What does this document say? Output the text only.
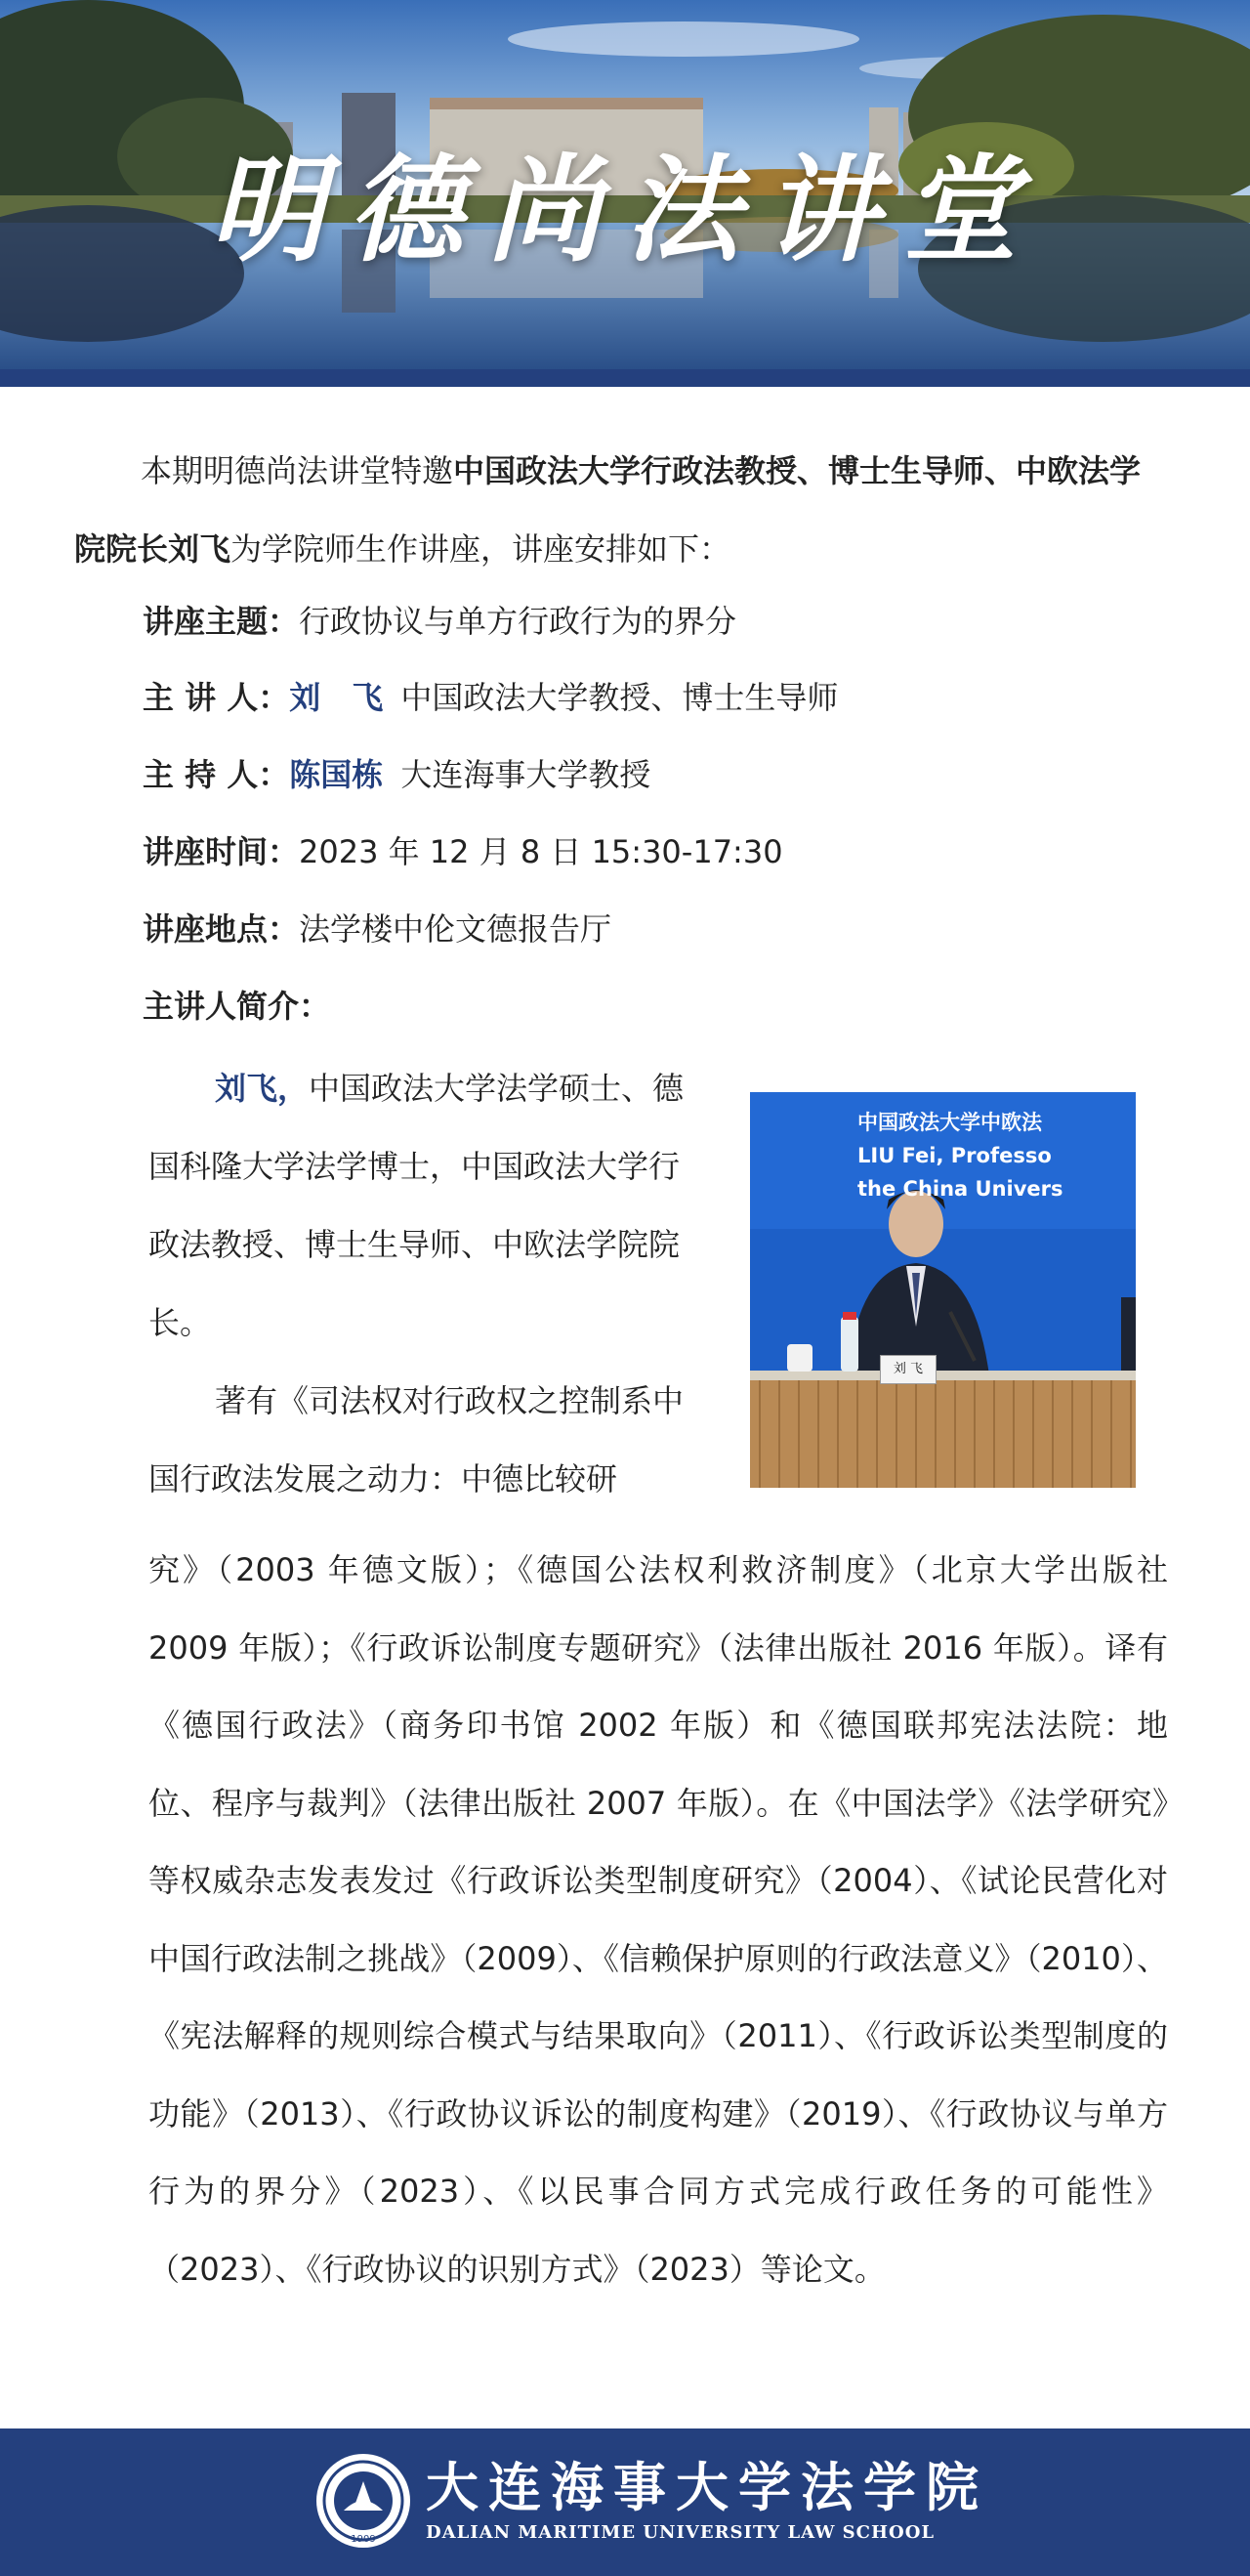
明德尚法讲堂

本期明德尚法讲堂特邀中国政法大学行政法教授、博士生导师、中欧法学院院长刘飞为学院师生作讲座，讲座安排如下：

讲座主题：行政协议与单方行政行为的界分
主 讲 人：刘　飞 中国政法大学教授、博士生导师
主 持 人：陈国栋 大连海事大学教授
讲座时间：2023 年 12 月 8 日 15:30-17:30
讲座地点：法学楼中伦文德报告厅
主讲人简介：

刘飞，中国政法大学法学硕士、德国科隆大学法学博士，中国政法大学行政法教授、博士生导师、中欧法学院院长。

著有《司法权对行政权之控制系中国行政法发展之动力：中德比较研

究》（2003 年德文版）；《德国公法权利救济制度》（北京大学出版社 2009 年版）；《行政诉讼制度专题研究》（法律出版社 2016 年版）。译有《德国行政法》（商务印书馆 2002 年版）和《德国联邦宪法法院：地位、程序与裁判》（法律出版社 2007 年版）。在《中国法学》《法学研究》等权威杂志发表发过《行政诉讼类型制度研究》（2004）、《试论民营化对中国行政法制之挑战》（2009）、《信赖保护原则的行政法意义》（2010）、《宪法解释的规则综合模式与结果取向》（2011）、《行政诉讼类型制度的功能》（2013）、《行政协议诉讼的制度构建》（2019）、《行政协议与单方行为的界分》（2023）、《以民事合同方式完成行政任务的可能性》（2023）、《行政协议的识别方式》（2023）等论文。
中国政法大学中欧法
LIU Fei, Professo
the China Univers
刘 飞
1909
大连海事大学法学院
DALIAN MARITIME UNIVERSITY LAW SCHOOL
